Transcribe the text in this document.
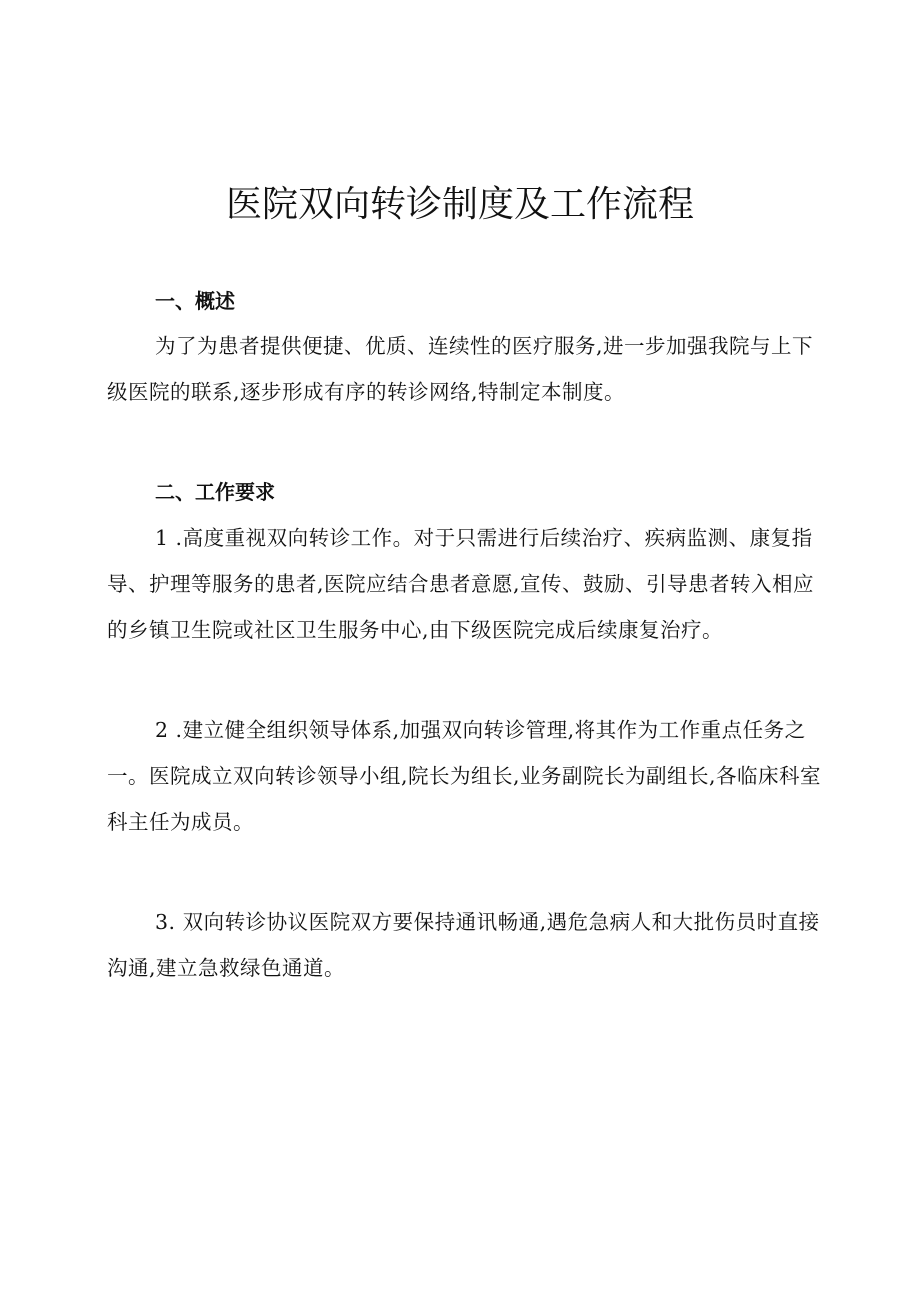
医院双向转诊制度及工作流程
一、概述

为了为患者提供便捷、优质、连续性的医疗服务,进一步加强我院与上下级医院的联系,逐步形成有序的转诊网络,特制定本制度。

二、工作要求

1 .高度重视双向转诊工作。对于只需进行后续治疗、疾病监测、康复指导、护理等服务的患者,医院应结合患者意愿,宣传、鼓励、引导患者转入相应的乡镇卫生院或社区卫生服务中心,由下级医院完成后续康复治疗。

2 .建立健全组织领导体系,加强双向转诊管理,将其作为工作重点任务之一。医院成立双向转诊领导小组,院长为组长,业务副院长为副组长,各临床科室科主任为成员。

3. 双向转诊协议医院双方要保持通讯畅通,遇危急病人和大批伤员时直接沟通,建立急救绿色通道。
